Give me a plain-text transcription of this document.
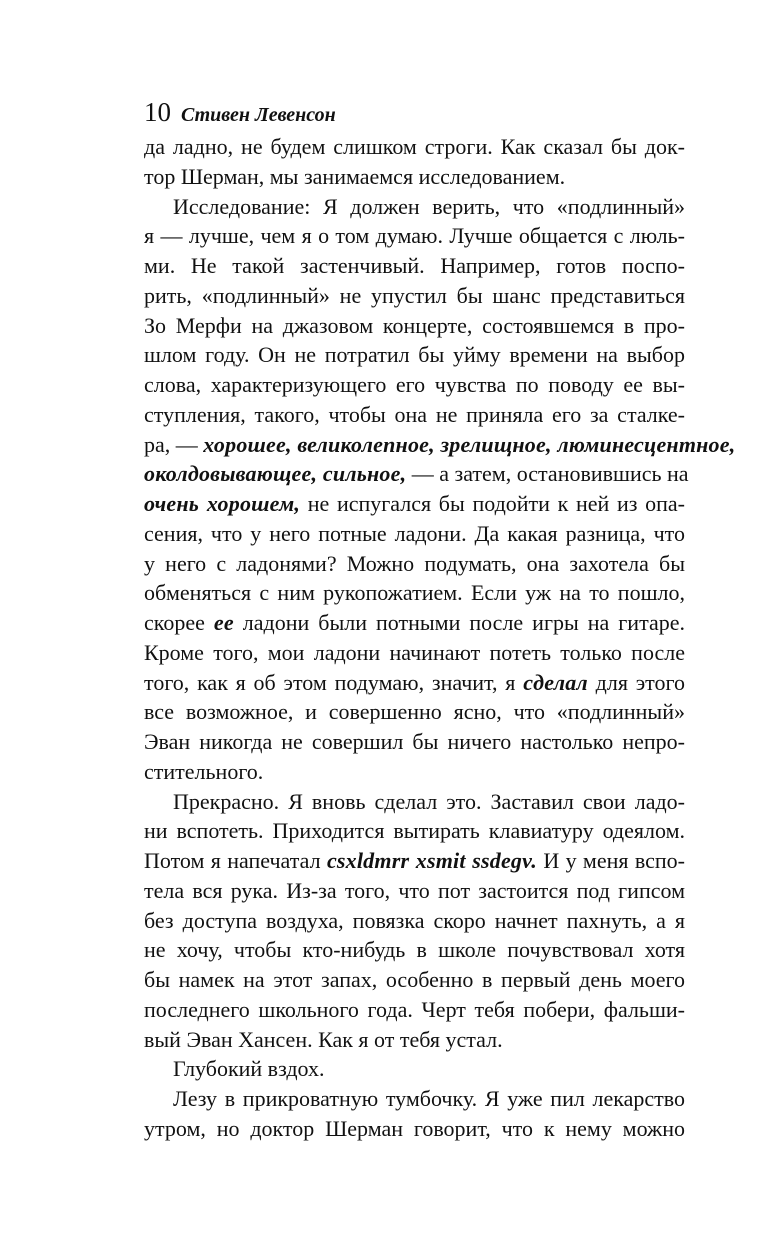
10 Стивен Левенсон

да ладно, не будем слишком строги. Как сказал бы док-
тор Шерман, мы занимаемся исследованием.

Исследование: Я должен верить, что «подлинный»
я — лучше, чем я о том думаю. Лучше общается с люль-
ми. Не такой застенчивый. Например, готов поспо-
рить, «подлинный» не упустил бы шанс представиться
Зо Мерфи на джазовом концерте, состоявшемся в про-
шлом году. Он не потратил бы уйму времени на выбор
слова, характеризующего его чувства по поводу ее вы-
ступления, такого, чтобы она не приняла его за сталке-
ра, — хорошее, великолепное, зрелищное, люминесцентное,
околдовывающее, сильное, — а затем, остановившись на
очень хорошем, не испугался бы подойти к ней из опа-
сения, что у него потные ладони. Да какая разница, что
у него с ладонями? Можно подумать, она захотела бы
обменяться с ним рукопожатием. Если уж на то пошло,
скорее ее ладони были потными после игры на гитаре.
Кроме того, мои ладони начинают потеть только после
того, как я об этом подумаю, значит, я сделал для этого
все возможное, и совершенно ясно, что «подлинный»
Эван никогда не совершил бы ничего настолько непро-
стительного.

Прекрасно. Я вновь сделал это. Заставил свои ладо-
ни вспотеть. Приходится вытирать клавиатуру одеялом.
Потом я напечатал csxldmrr xsmit ssdegv. И у меня вспо-
тела вся рука. Из-за того, что пот застоится под гипсом
без доступа воздуха, повязка скоро начнет пахнуть, а я
не хочу, чтобы кто-нибудь в школе почувствовал хотя
бы намек на этот запах, особенно в первый день моего
последнего школьного года. Черт тебя побери, фальши-
вый Эван Хансен. Как я от тебя устал.

Глубокий вздох.

Лезу в прикроватную тумбочку. Я уже пил лекарство
утром, но доктор Шерман говорит, что к нему можно
